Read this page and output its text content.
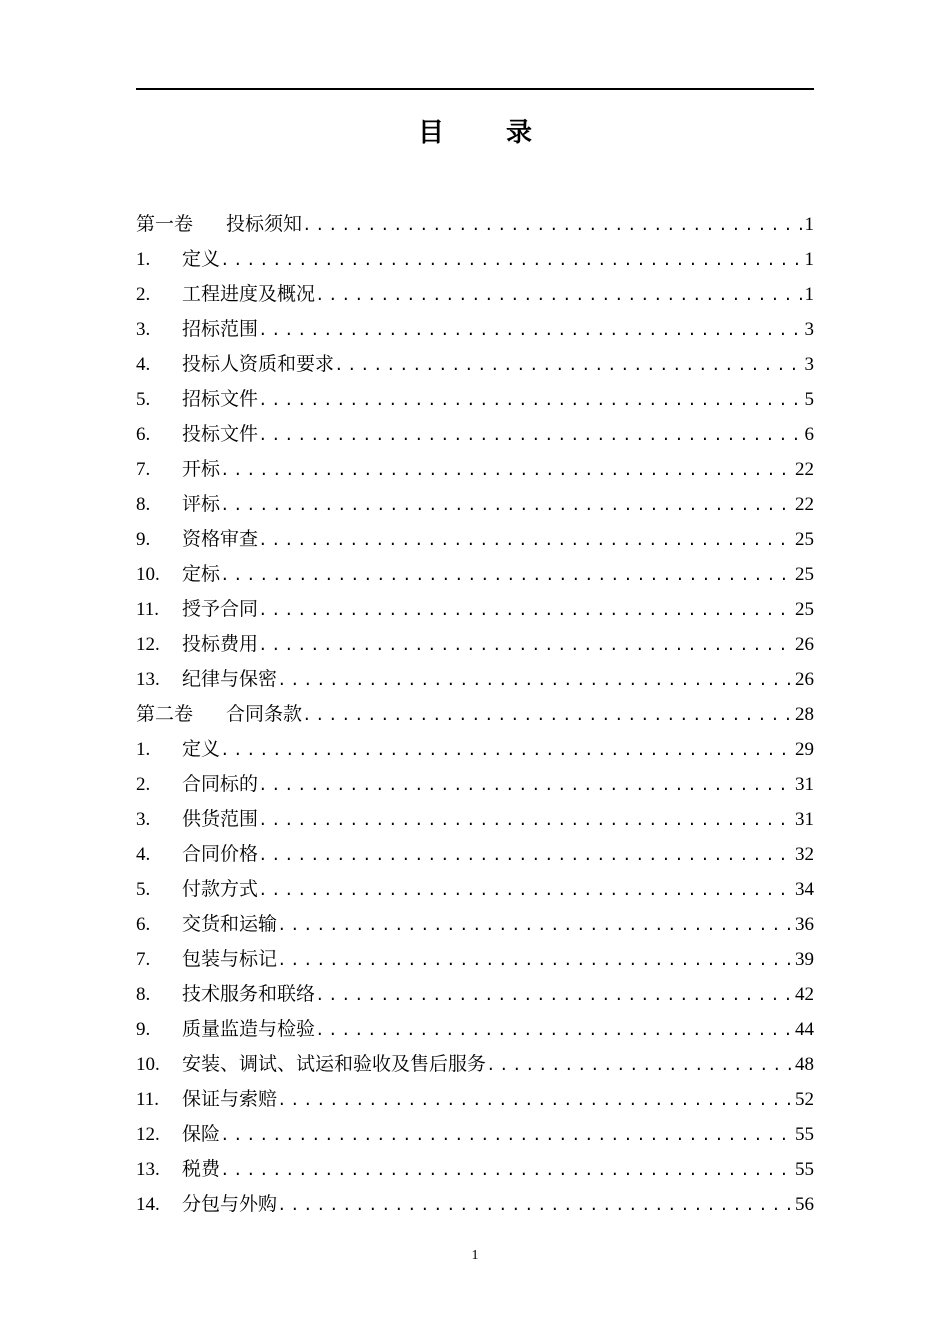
目 录
第一卷	投标须知 .....	1
1.	定义 .....	1
2.	工程进度及概况 .....	1
3.	招标范围 .....	3
4.	投标人资质和要求 .....	3
5.	招标文件 .....	5
6.	投标文件 .....	6
7.	开标 .....	22
8.	评标 .....	22
9.	资格审查 .....	25
10.	定标 .....	25
11.	授予合同 .....	25
12.	投标费用 .....	26
13.	纪律与保密 .....	26
第二卷	合同条款 .....	28
1.	定义 .....	29
2.	合同标的 .....	31
3.	供货范围 .....	31
4.	合同价格 .....	32
5.	付款方式 .....	34
6.	交货和运输 .....	36
7.	包装与标记 .....	39
8.	技术服务和联络 .....	42
9.	质量监造与检验 .....	44
10.	安装、调试、试运和验收及售后服务 .....	48
11.	保证与索赔 .....	52
12.	保险 .....	55
13.	税费 .....	55
14.	分包与外购 .....	56
1
